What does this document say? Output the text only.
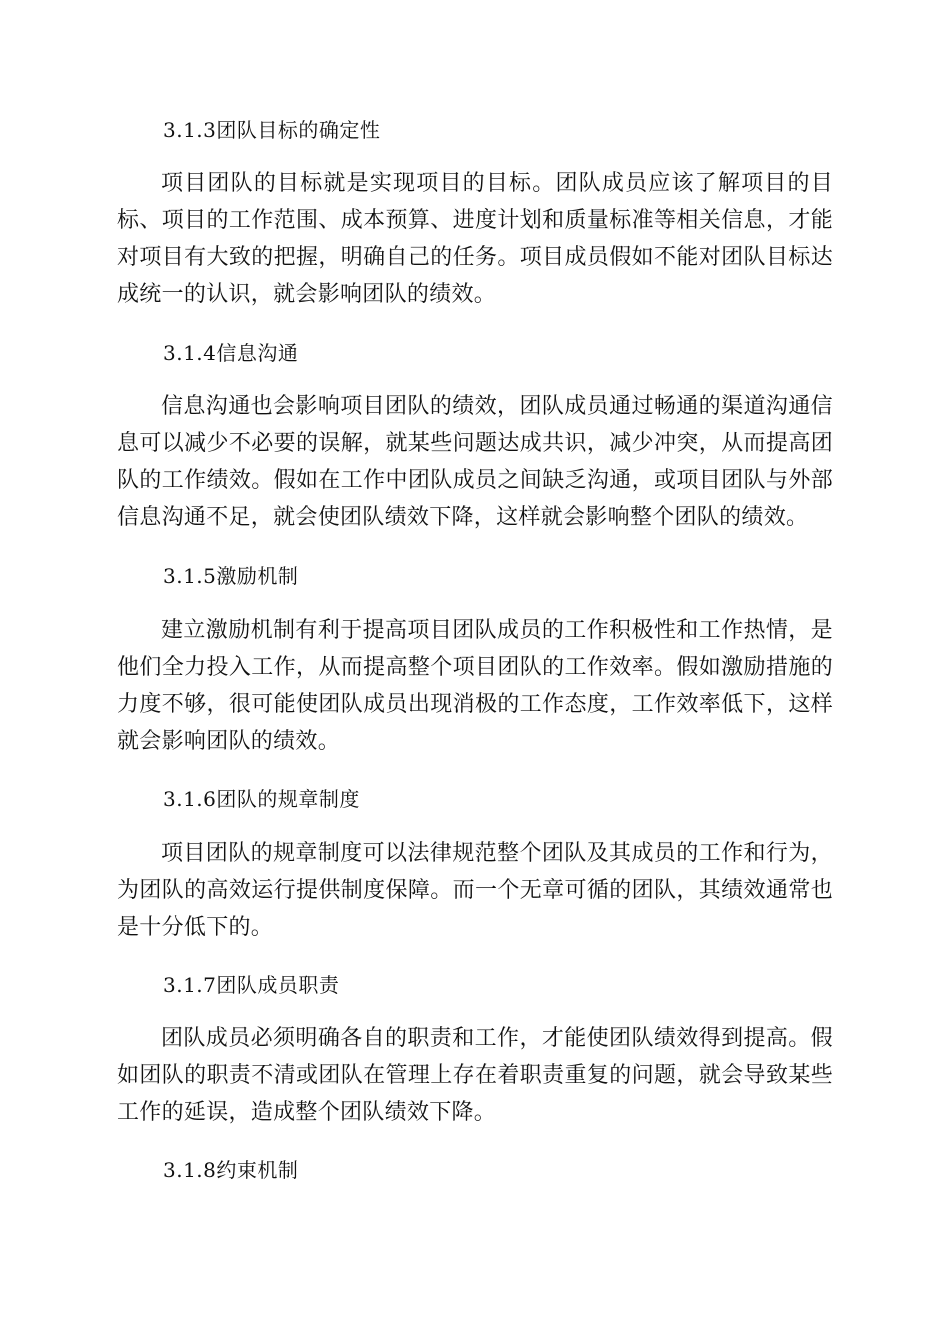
3.1.3团队目标的确定性
项目团队的目标就是实现项目的目标。团队成员应该了解项目的目标、项目的工作范围、成本预算、进度计划和质量标准等相关信息，才能对项目有大致的把握，明确自己的任务。项目成员假如不能对团队目标达成统一的认识，就会影响团队的绩效。
3.1.4信息沟通
信息沟通也会影响项目团队的绩效，团队成员通过畅通的渠道沟通信息可以减少不必要的误解，就某些问题达成共识，减少冲突，从而提高团队的工作绩效。假如在工作中团队成员之间缺乏沟通，或项目团队与外部信息沟通不足，就会使团队绩效下降，这样就会影响整个团队的绩效。
3.1.5激励机制
建立激励机制有利于提高项目团队成员的工作积极性和工作热情，是他们全力投入工作，从而提高整个项目团队的工作效率。假如激励措施的力度不够，很可能使团队成员出现消极的工作态度，工作效率低下，这样就会影响团队的绩效。
3.1.6团队的规章制度
项目团队的规章制度可以法律规范整个团队及其成员的工作和行为，为团队的高效运行提供制度保障。而一个无章可循的团队，其绩效通常也是十分低下的。
3.1.7团队成员职责
团队成员必须明确各自的职责和工作，才能使团队绩效得到提高。假如团队的职责不清或团队在管理上存在着职责重复的问题，就会导致某些工作的延误，造成整个团队绩效下降。
3.1.8约束机制
